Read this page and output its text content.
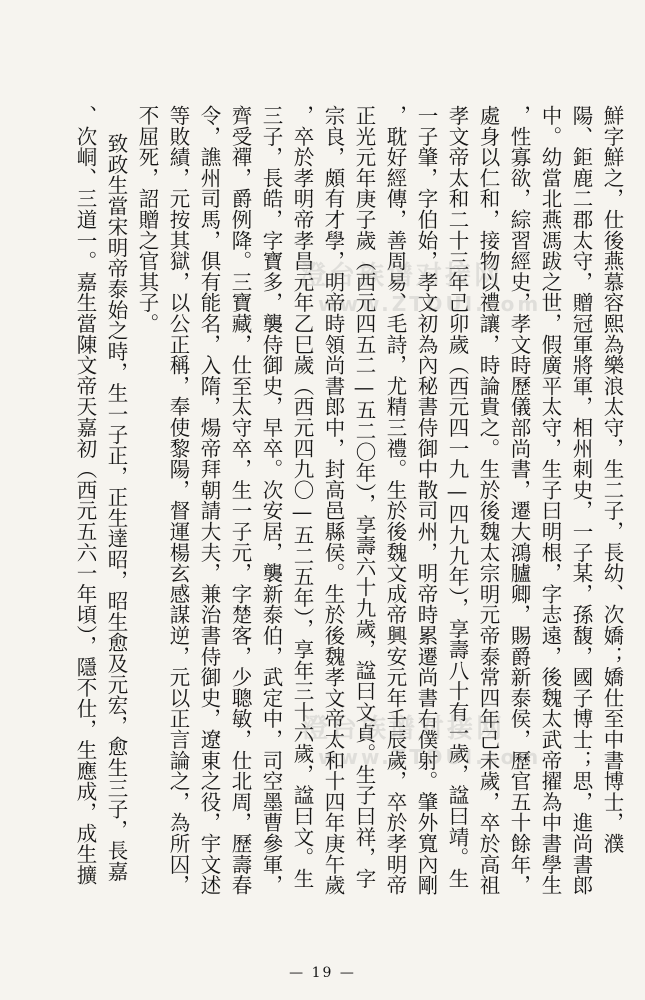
鮮字鮮之，仕後燕慕容熙為樂浪太守，生二子，長幼、次嬌；嬌仕至中書博士，濮
陽、鉅鹿二郡太守，贈冠軍將軍，相州刺史，一子某，孫馥，國子博士；思，進尚書郎
中。幼當北燕馮跋之世，假廣平太守，生子曰明根，字志遠，後魏太武帝擢為中書學生
，性寡欲，綜習經史，孝文時歷儀部尚書，遷大鴻臚卿，賜爵新泰侯，歷官五十餘年，
處身以仁和，接物以禮讓，時論貴之。生於後魏太宗明元帝泰常四年己未歲，卒於高祖
孝文帝太和二十三年己卯歲（西元四一九—四九九年），享壽八十有一歲，諡曰靖。生
一子肇，字伯始，孝文初為內秘書侍御中散司州，明帝時累遷尚書右僕射。肇外寬內剛
，耽好經傳，善周易、毛詩，尤精三禮。生於後魏文成帝興安元年壬辰歲，卒於孝明帝
正光元年庚子歲（西元四五二—五二〇年），享壽六十九歲，諡曰文貞。生子曰祥，字
宗良，頗有才學，明帝時領尚書郎中，封高邑縣侯。生於後魏孝文帝太和十四年庚午歲
，卒於孝明帝孝昌元年乙巳歲（西元四九〇—五二五年），享年三十六歲，諡曰文。生
三子，長皓，字寶多，襲侍御史，早卒。次安居，襲新泰伯，武定中，司空墨曹參軍，
齊受禪，爵例降。三寶藏，仕至太守卒，生一子元，字楚客，少聰敏，仕北周，歷壽春
令，譙州司馬，俱有能名，入隋，煬帝拜朝請大夫，兼治書侍御史，遼東之役，宇文述
等敗績，元按其獄，以公正稱，奉使黎陽，督運楊玄感謀逆，元以正言論之，為所囚，
不屈死，詔贈之官其子。
致政生當宋明帝泰始之時，生一子正，正生達昭，昭生愈及元宏，愈生三子，長嘉
、次峒、三道一。嘉生當陳文帝天嘉初（西元五六一年頃），隱不仕，生應成，成生擴	澄台族谱对接网
www.ZTDUI.com
澄台族谱对接网
www.ZTDUI.com
— 19 —
